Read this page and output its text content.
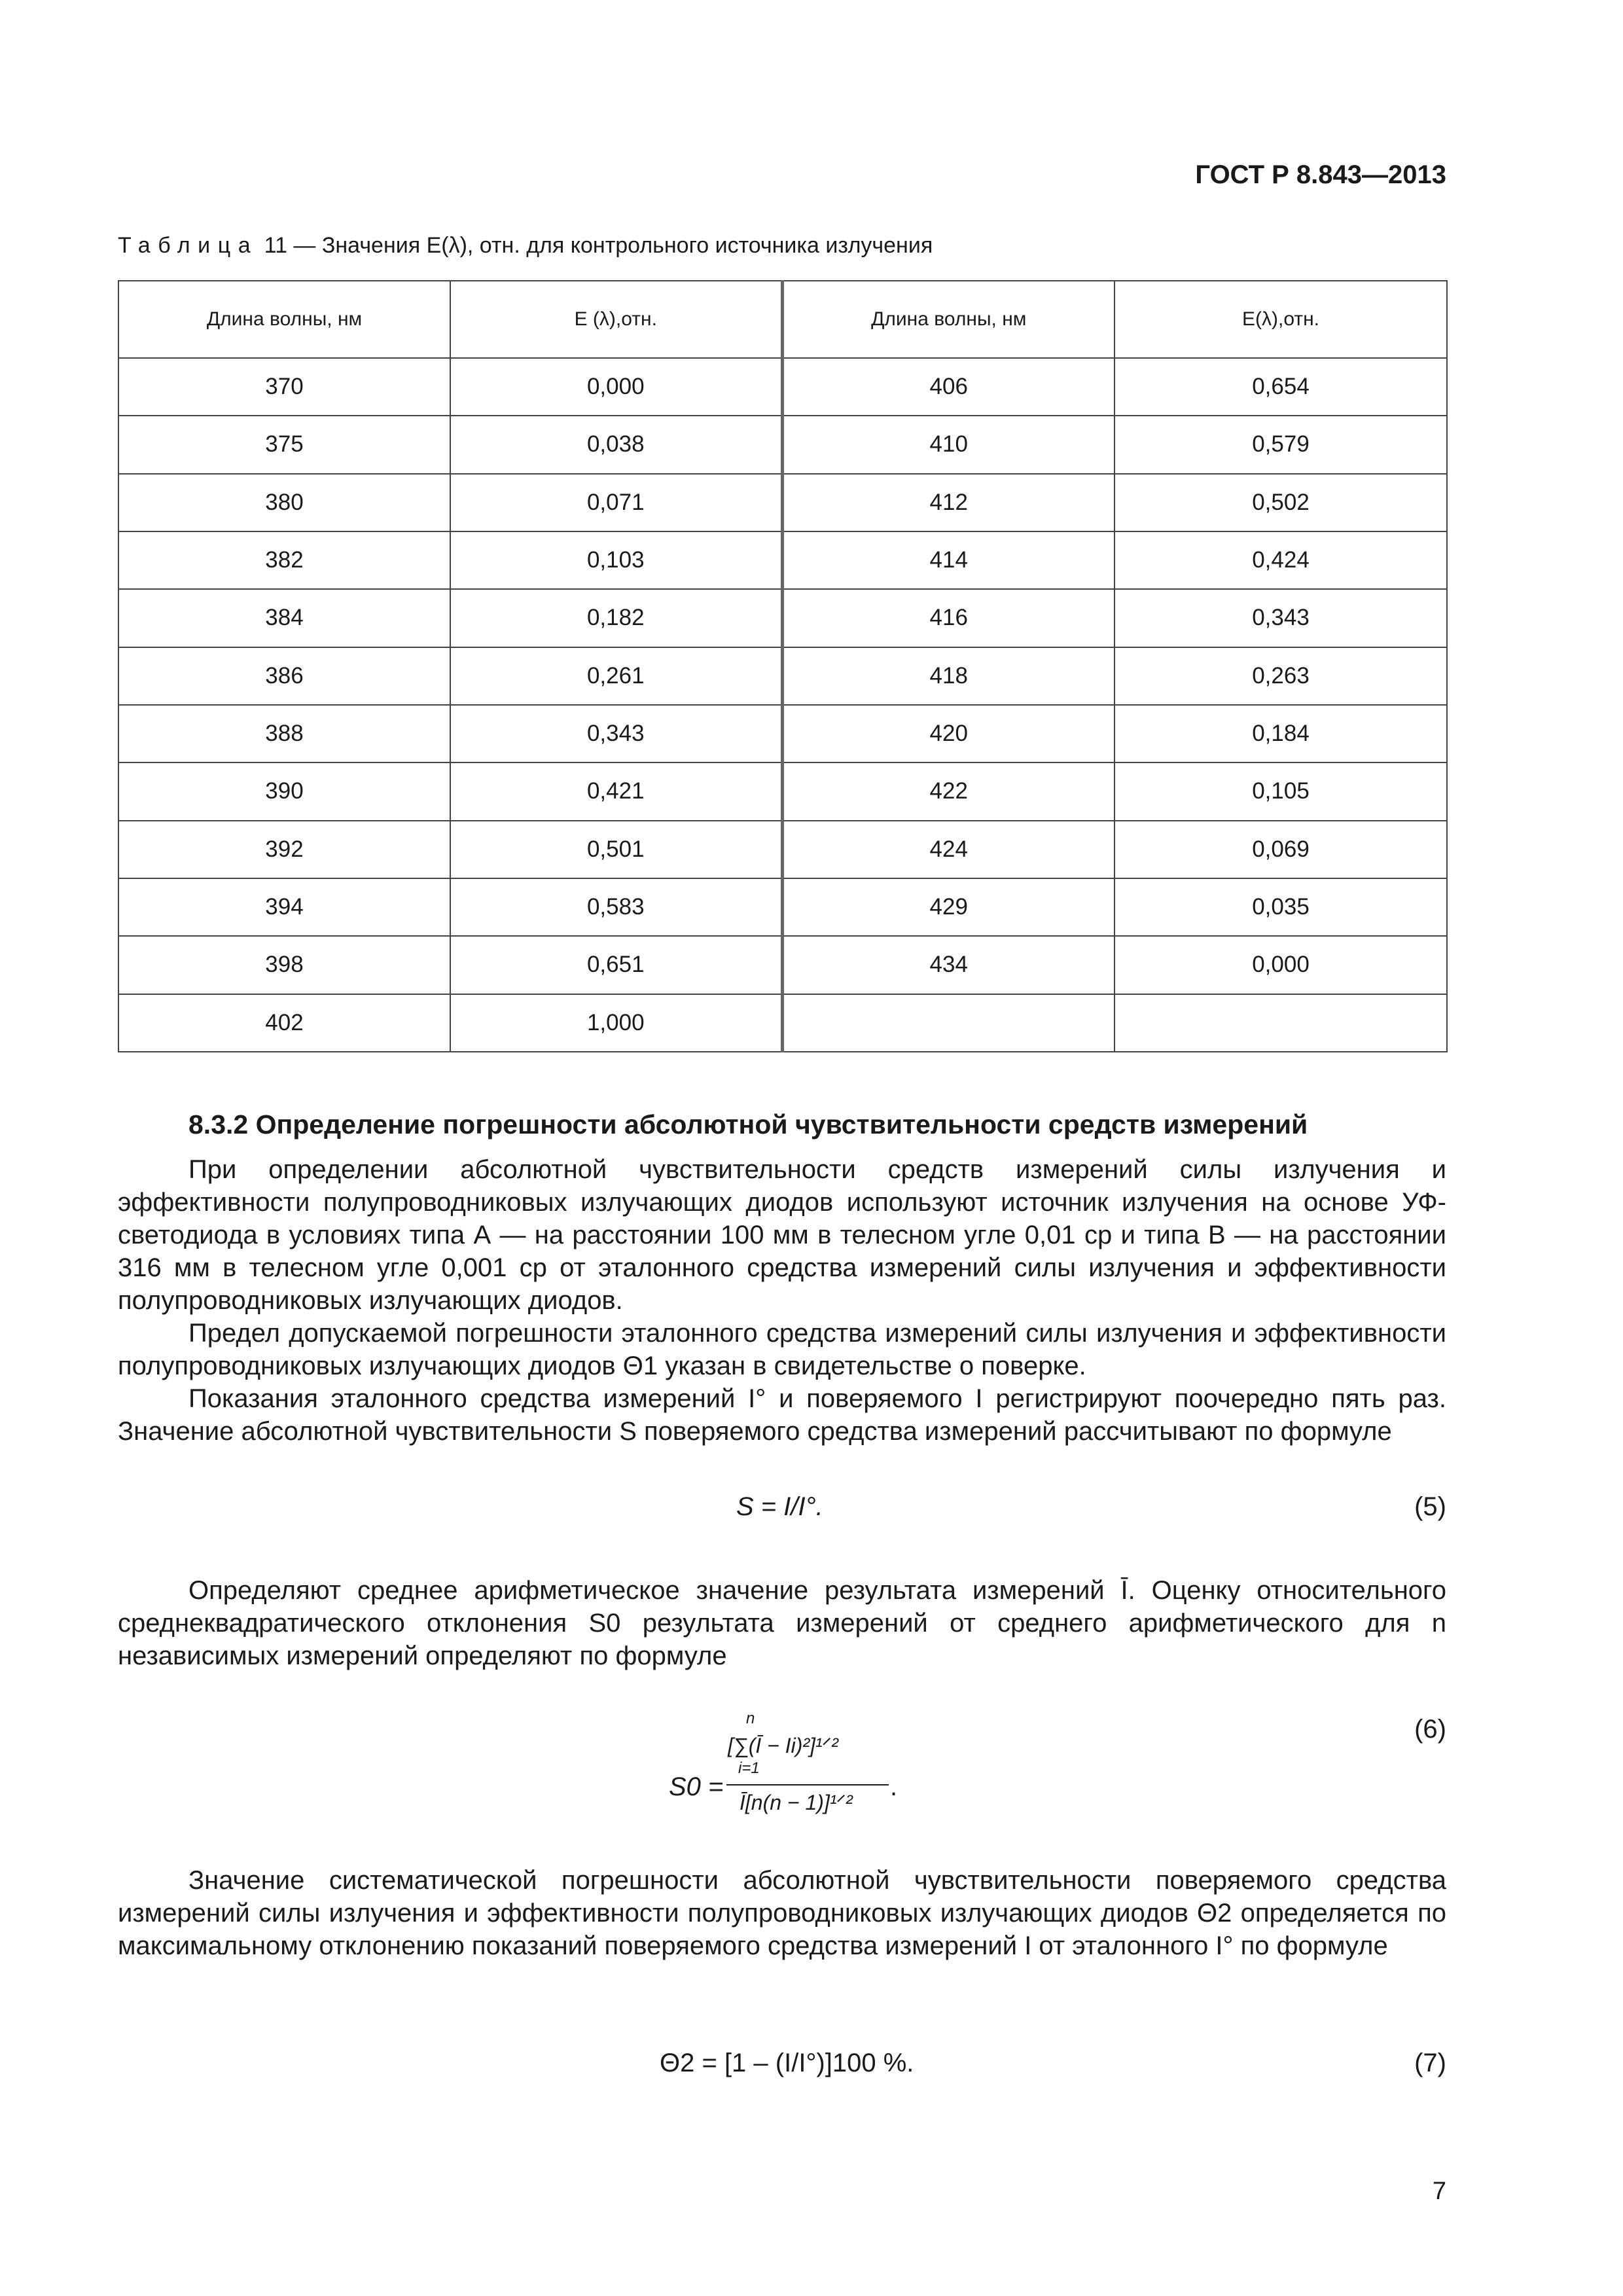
ГОСТ Р 8.843—2013
Таблица 11 — Значения E(λ), отн. для контрольного источника излучения
Длина волны, нм	E (λ),отн.	Длина волны, нм	E(λ),отн.
370	0,000	406	0,654
375	0,038	410	0,579
380	0,071	412	0,502
382	0,103	414	0,424
384	0,182	416	0,343
386	0,261	418	0,263
388	0,343	420	0,184
390	0,421	422	0,105
392	0,501	424	0,069
394	0,583	429	0,035
398	0,651	434	0,000
402	1,000		
8.3.2 Определение погрешности абсолютной чувствительности средств измерений
При определении абсолютной чувствительности средств измерений силы излучения и эффективности полупроводниковых излучающих диодов используют источник излучения на основе УФ-светодиода в условиях типа А — на расстоянии 100 мм в телесном угле 0,01 ср и типа В — на расстоянии 316 мм в телесном угле 0,001 ср от эталонного средства измерений силы излучения и эффективности полупроводниковых излучающих диодов.
Предел допускаемой погрешности эталонного средства измерений силы излучения и эффективности полупроводниковых излучающих диодов Θ1 указан в свидетельстве о поверке.
Показания эталонного средства измерений I° и поверяемого I регистрируют поочередно пять раз. Значение абсолютной чувствительности S поверяемого средства измерений рассчитывают по формуле
S = I/I°.	(5)
Определяют среднее арифметическое значение результата измерений Ī. Оценку относительного среднеквадратического отклонения S0 результата измерений от среднего арифметического для n независимых измерений определяют по формуле
(6)
S0 =
n
[∑(Ī − Ii)²]¹ᐟ²
i=1
Ī[n(n − 1)]¹ᐟ²
.
Значение систематической погрешности абсолютной чувствительности поверяемого средства измерений силы излучения и эффективности полупроводниковых излучающих диодов Θ2 определяется по максимальному отклонению показаний поверяемого средства измерений I от эталонного I° по формуле
Θ2 = [1 – (I/I°)]100 %.	(7)
7
